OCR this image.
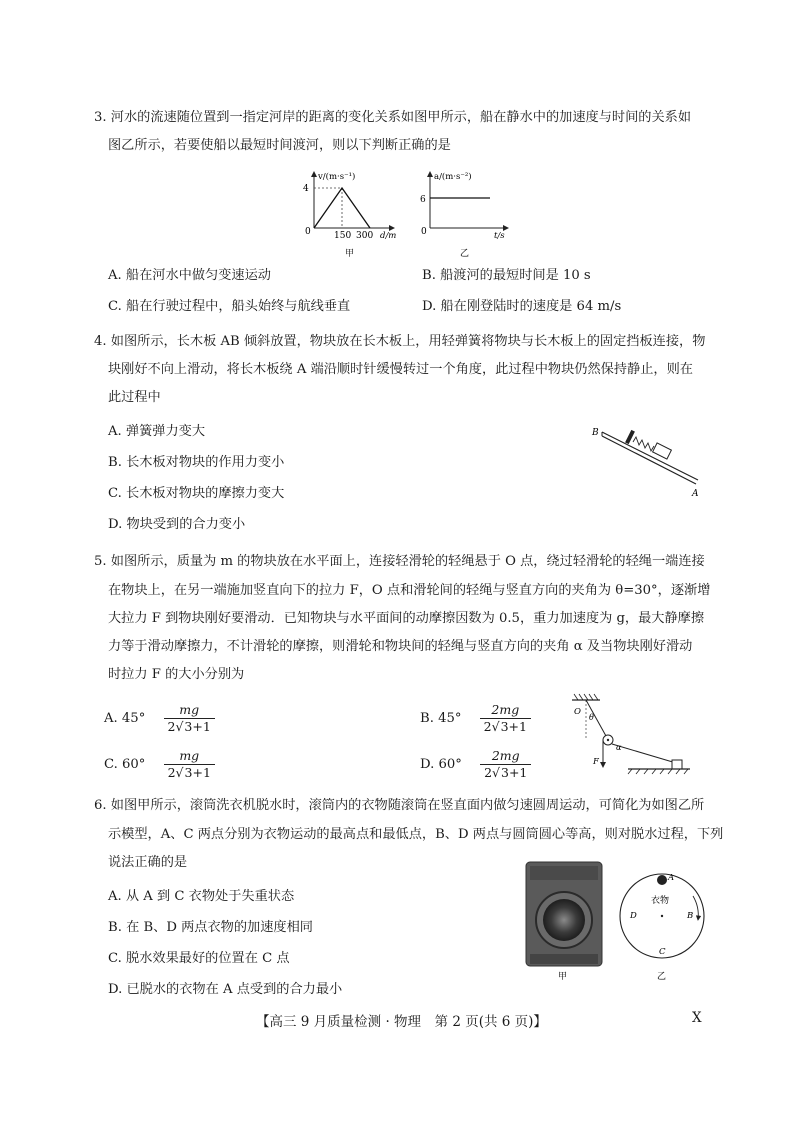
3. 河水的流速随位置到一指定河岸的距离的变化关系如图甲所示，船在静水中的加速度与时间的关系如
图乙所示，若要使船以最短时间渡河，则以下判断正确的是
v/(m·s⁻¹)
d/m
4
0	150 300
甲
a/(m·s⁻²)
t/s
6
0
乙
A. 船在河水中做匀变速运动	B. 船渡河的最短时间是 10 s
C. 船在行驶过程中，船头始终与航线垂直	D. 船在刚登陆时的速度是 64 m/s
4. 如图所示，长木板 AB 倾斜放置，物块放在长木板上，用轻弹簧将物块与长木板上的固定挡板连接，物
块刚好不向上滑动，将长木板绕 A 端沿顺时针缓慢转过一个角度，此过程中物块仍然保持静止，则在
此过程中
B
A
A. 弹簧弹力变大
B. 长木板对物块的作用力变小
C. 长木板对物块的摩擦力变大
D. 物块受到的合力变小
5. 如图所示，质量为 m 的物块放在水平面上，连接轻滑轮的轻绳悬于 O 点，绕过轻滑轮的轻绳一端连接
在物块上，在另一端施加竖直向下的拉力 F，O 点和滑轮间的轻绳与竖直方向的夹角为 θ=30°，逐渐增
大拉力 F 到物块刚好要滑动．已知物块与水平面间的动摩擦因数为 0.5，重力加速度为 g，最大静摩擦
力等于滑动摩擦力，不计滑轮的摩擦，则滑轮和物块间的轻绳与竖直方向的夹角 α 及当物块刚好滑动
时拉力 F 的大小分别为
A. $45^\circ \frac{mg}{2√3+1}$	B. $45^\circ \frac{2mg}{2√3+1}$
C. $60^\circ \frac{mg}{2√3+1}$	D. $60^\circ \frac{2mg}{2√3+1}$
O
θ
α
F
6. 如图甲所示，滚筒洗衣机脱水时，滚筒内的衣物随滚筒在竖直面内做匀速圆周运动，可简化为如图乙所
示模型，A、C 两点分别为衣物运动的最高点和最低点，B、D 两点与圆筒圆心等高，则对脱水过程，下列
说法正确的是
A. 从 A 到 C 衣物处于失重状态
B. 在 B、D 两点衣物的加速度相同
C. 脱水效果最好的位置在 C 点
D. 已脱水的衣物在 A 点受到的合力最小
甲
衣物
A
B
C
D
乙
【高三 9 月质量检测 · 物理　第 2 页(共 6 页)】	X
